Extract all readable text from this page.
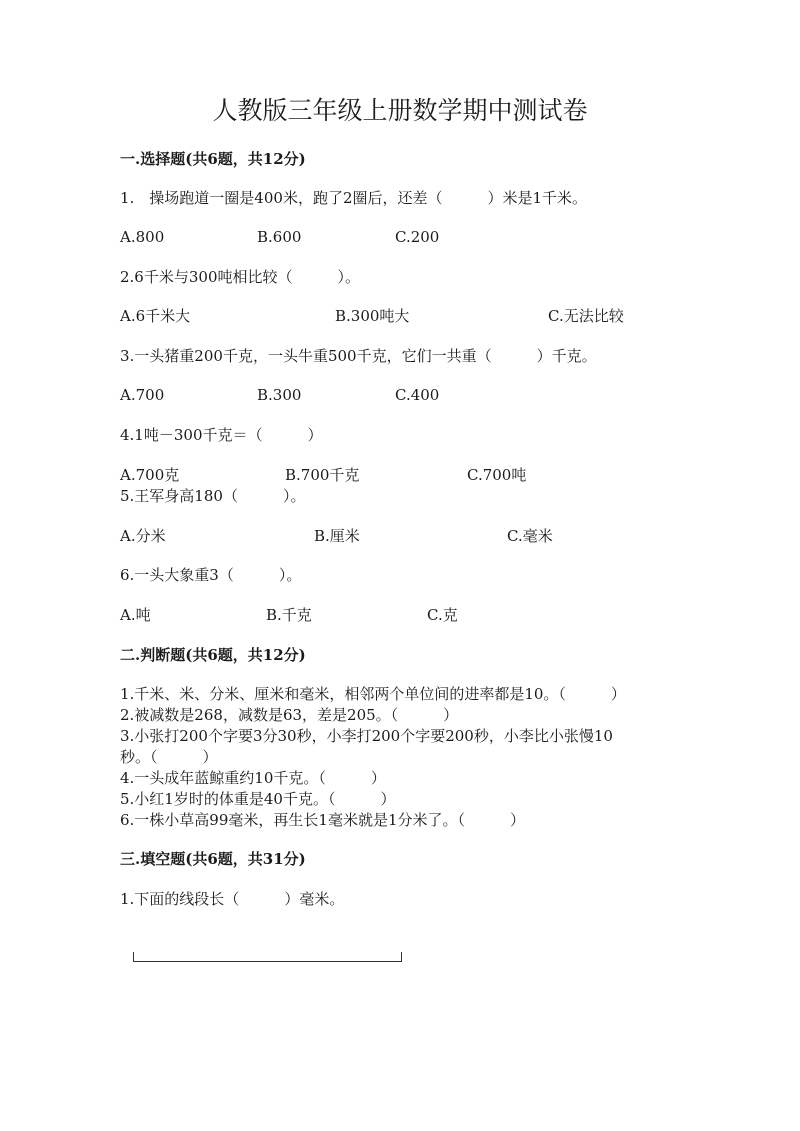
人教版三年级上册数学期中测试卷
一.选择题(共6题，共12分)
1.　操场跑道一圈是400米，跑了2圈后，还差（　　　）米是1千米。
A.800	B.600	C.200
2.6千米与300吨相比较（　　　）。
A.6千米大	B.300吨大	C.无法比较
3.一头猪重200千克，一头牛重500千克，它们一共重（　　　）千克。
A.700	B.300	C.400
4.1吨－300千克＝（　　　）
A.700克	B.700千克	C.700吨
5.王军身高180（　　　）。
A.分米	B.厘米	C.毫米
6.一头大象重3（　　　）。
A.吨	B.千克	C.克
二.判断题(共6题，共12分)
1.千米、米、分米、厘米和毫米，相邻两个单位间的进率都是10。（　　　）
2.被减数是268，减数是63，差是205。（　　　）
3.小张打200个字要3分30秒，小李打200个字要200秒，小李比小张慢10
秒。（　　　）
4.一头成年蓝鲸重约10千克。（　　　）
5.小红1岁时的体重是40千克。（　　　）
6.一株小草高99毫米，再生长1毫米就是1分米了。（　　　）
三.填空题(共6题，共31分)
1.下面的线段长（　　　）毫米。
